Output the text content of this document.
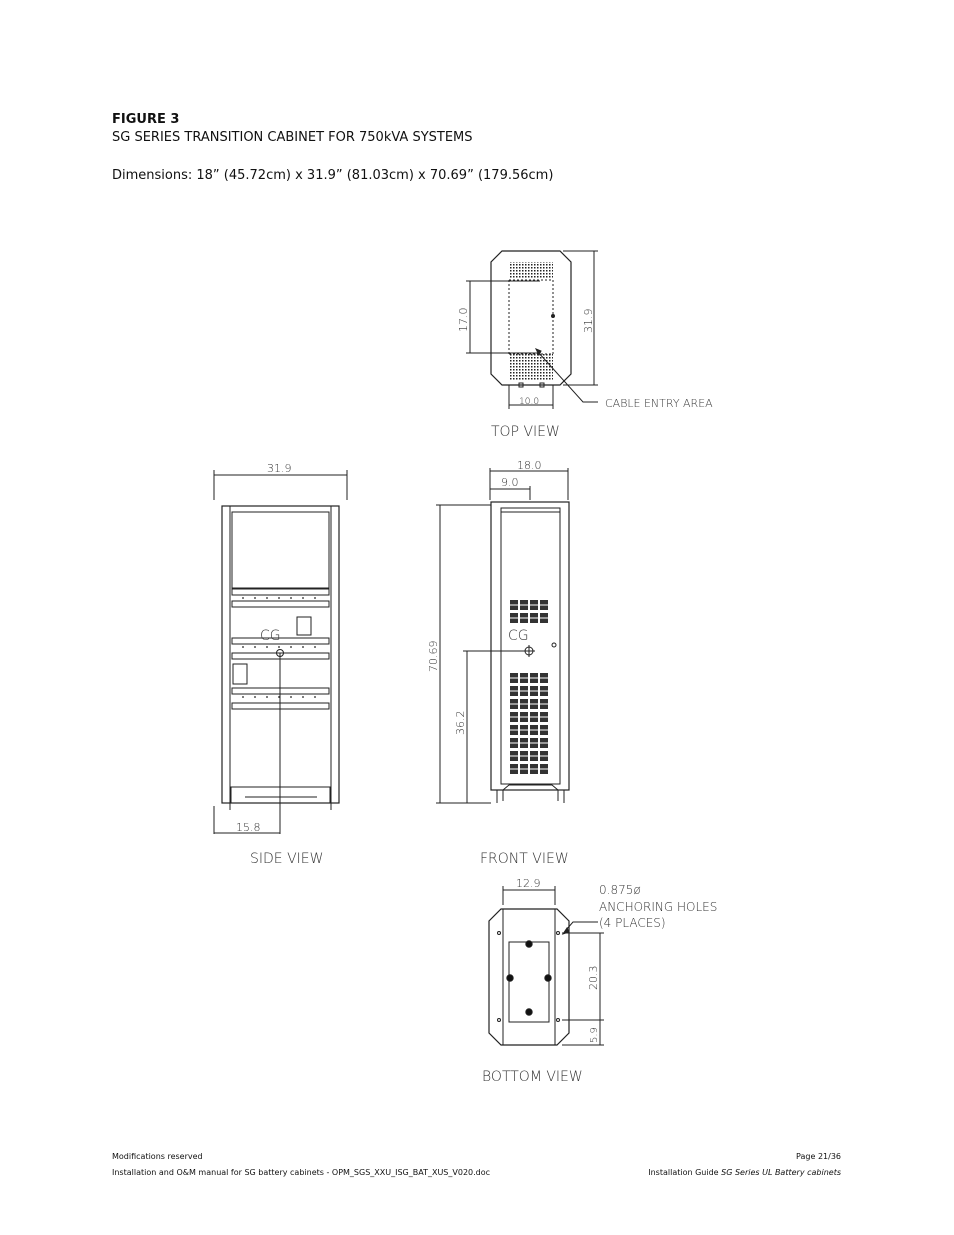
FIGURE 3
SG SERIES TRANSITION CABINET FOR 750kVA SYSTEMS
Dimensions: 18” (45.72cm) x 31.9” (81.03cm) x 70.69” (179.56cm)
17.0	31.9
10.0	CABLE ENTRY AREA
TOP VIEW
31.9
CG
15.8
SIDE VIEW
18.0
9.0
CG
70.69
36.2
FRONT VIEW
12.9
20.3
5.9
0.875ø
ANCHORING HOLES
(4 PLACES)
BOTTOM VIEW
Modifications reserved
Installation and O&M manual for SG battery cabinets - OPM_SGS_XXU_ISG_BAT_XUS_V020.doc
Page 21/36
Installation Guide SG Series UL Battery cabinets
